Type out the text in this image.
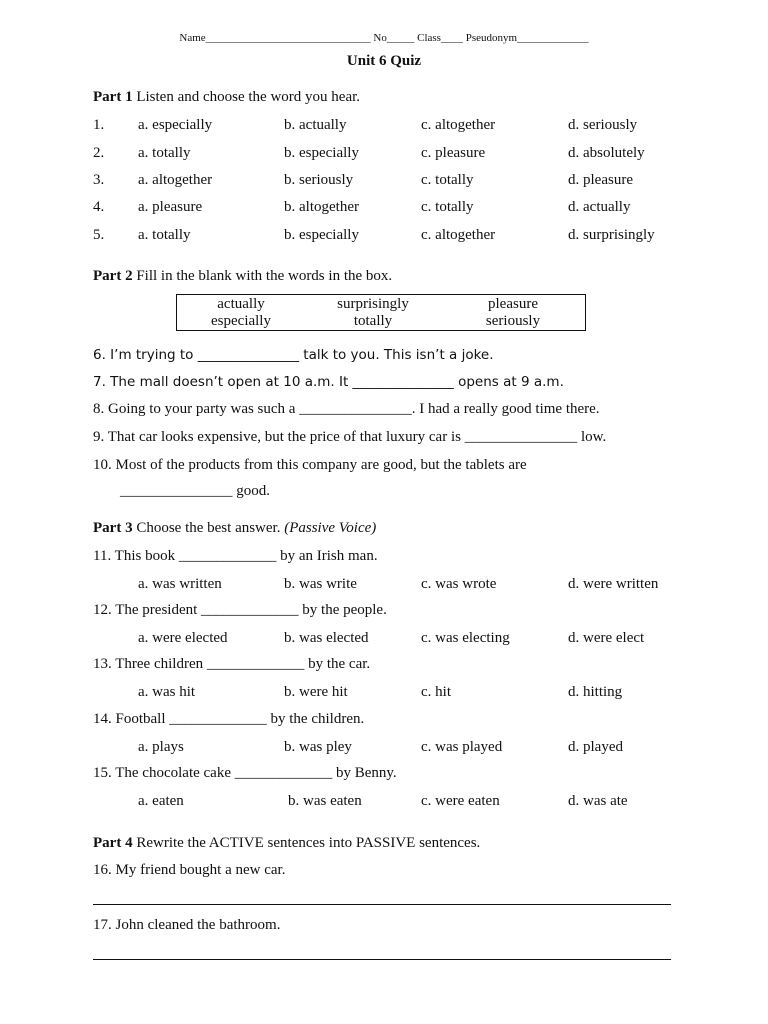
Name______________________________ No_____ Class____ Pseudonym_____________
Unit 6 Quiz
Part 1 Listen and choose the word you hear.
1. a. especially	b. actually	c. altogether	d. seriously
2. a. totally	b. especially	c. pleasure	d. absolutely
3. a. altogether	b. seriously	c. totally	d. pleasure
4. a. pleasure	b. altogether	c. totally	d. actually
5. a. totally	b. especially	c. altogether	d. surprisingly
Part 2 Fill in the blank with the words in the box.
actually	surprisingly	pleasure
especially	totally	seriously
6. I’m trying to _______________ talk to you. This isn’t a joke.
7. The mall doesn’t open at 10 a.m. It _______________ opens at 9 a.m.
8. Going to your party was such a _______________. I had a really good time there.
9. That car looks expensive, but the price of that luxury car is _______________ low.
10. Most of the products from this company are good, but the tablets are
_______________ good.
Part 3 Choose the best answer. (Passive Voice)
11. This book _____________ by an Irish man.
a. was written	b. was write	c. was wrote	d. were written
12. The president _____________ by the people.
a. were elected	b. was elected	c. was electing	d. were elect
13. Three children _____________ by the car.
a. was hit	b. were hit	c. hit	d. hitting
14. Football _____________ by the children.
a. plays	b. was pley	c. was played	d. played
15. The chocolate cake _____________ by Benny.
a. eaten	b. was eaten	c. were eaten	d. was ate
Part 4 Rewrite the ACTIVE sentences into PASSIVE sentences.
16. My friend bought a new car.
17. John cleaned the bathroom.
